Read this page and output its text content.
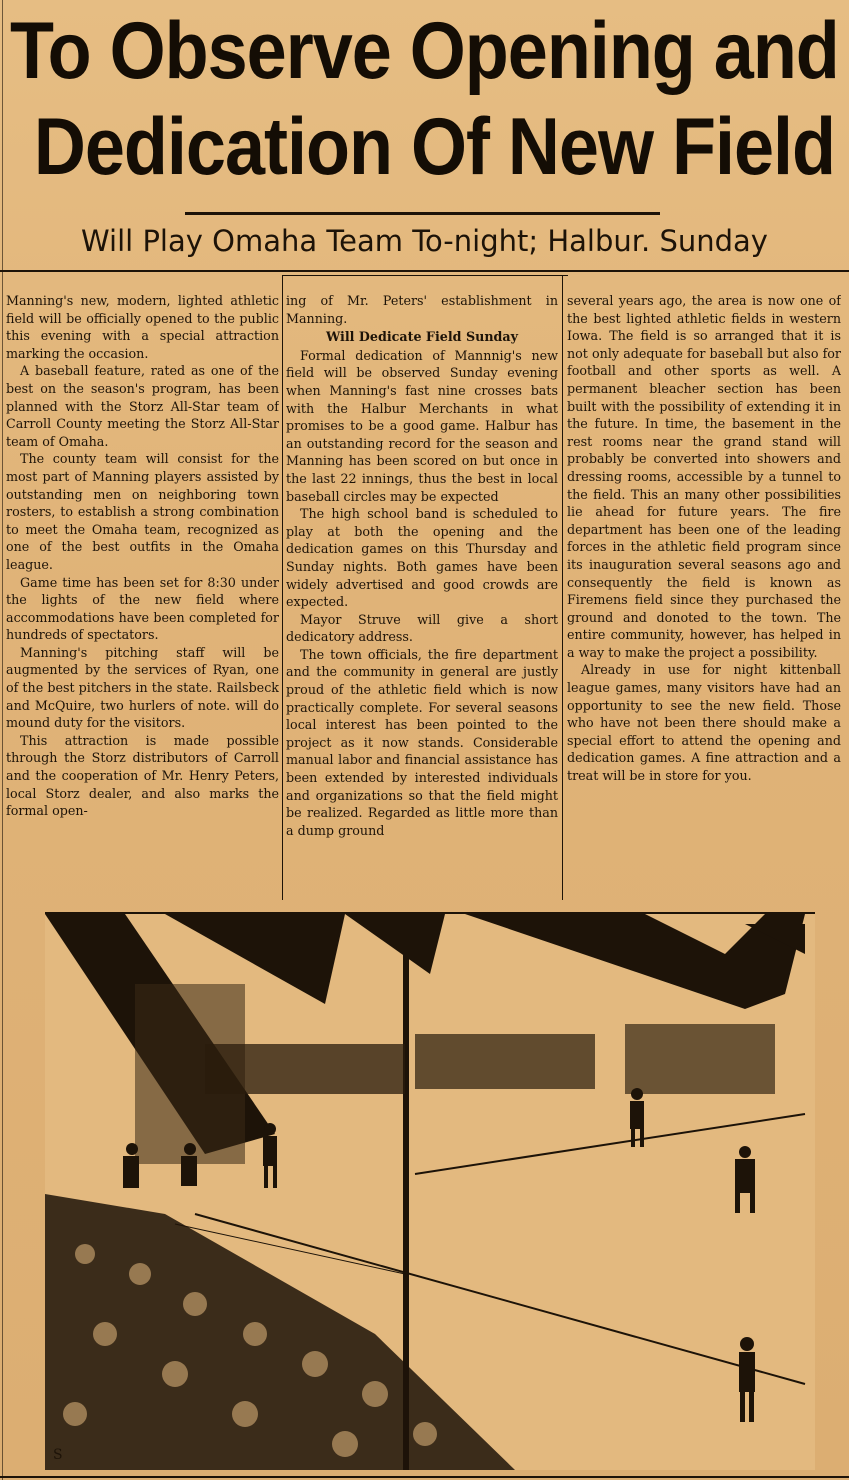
To Observe Opening and
Dedication Of New Field
Will Play Omaha Team To-night; Halbur. Sunday

Manning's new, modern, lighted athletic field will be officially opened to the public this evening with a special attraction marking the occasion.

A baseball feature, rated as one of the best on the season's program, has been planned with the Storz All-Star team of Carroll County meeting the Storz All-Star team of Omaha.

The county team will consist for the most part of Manning players assisted by outstanding men on neighboring town rosters, to establish a strong combination to meet the Omaha team, recognized as one of the best outfits in the Omaha league.

Game time has been set for 8:30 under the lights of the new field where accommodations have been completed for hundreds of spectators.

Manning's pitching staff will be augmented by the services of Ryan, one of the best pitchers in the state. Railsbeck and McQuire, two hurlers of note. will do mound duty for the visitors.

This attraction is made possible through the Storz distributors of Carroll and the cooperation of Mr. Henry Peters, local Storz dealer, and also marks the formal open-

ing of Mr. Peters' establishment in Manning.

Will Dedicate Field Sunday

Formal dedication of Mannnig's new field will be observed Sunday evening when Manning's fast nine crosses bats with the Halbur Merchants in what promises to be a good game. Halbur has an outstanding record for the season and Manning has been scored on but once in the last 22 innings, thus the best in local baseball circles may be expected

The high school band is scheduled to play at both the opening and the dedication games on this Thursday and Sunday nights. Both games have been widely advertised and good crowds are expected.

Mayor Struve will give a short dedicatory address.

The town officials, the fire department and the community in general are justly proud of the athletic field which is now practically complete. For several seasons local interest has been pointed to the project as it now stands. Considerable manual labor and financial assistance has been extended by interested individuals and organizations so that the field might be realized. Regarded as little more than a dump ground

several years ago, the area is now one of the best lighted athletic fields in western Iowa. The field is so arranged that it is not only adequate for baseball but also for football and other sports as well. A permanent bleacher section has been built with the possibility of extending it in the future. In time, the basement in the rest rooms near the grand stand will probably be converted into showers and dressing rooms, accessible by a tunnel to the field. This an many other possibilities lie ahead for future years. The fire department has been one of the leading forces in the athletic field program since its inauguration several seasons ago and consequently the field is known as Firemens field since they purchased the ground and donoted to the town. The entire community, however, has helped in a way to make the project a possibility.

Already in use for night kittenball league games, many visitors have had an opportunity to see the new field. Those who have not been there should make a special effort to attend the opening and dedication games. A fine attraction and a treat will be in store for you.

S
